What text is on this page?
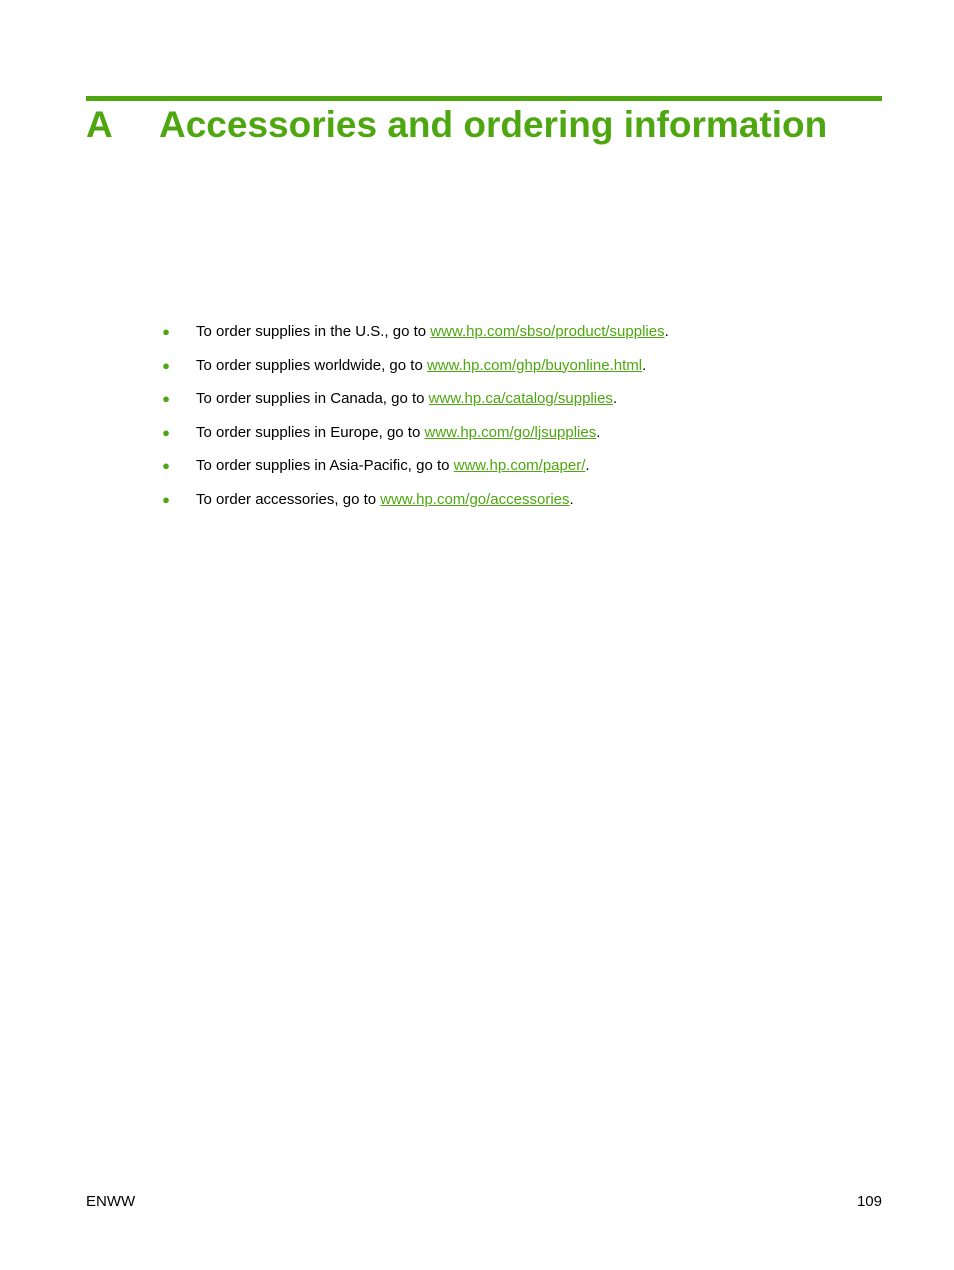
A	Accessories and ordering information
● To order supplies in the U.S., go to www.hp.com/sbso/product/supplies.
● To order supplies worldwide, go to www.hp.com/ghp/buyonline.html.
● To order supplies in Canada, go to www.hp.ca/catalog/supplies.
● To order supplies in Europe, go to www.hp.com/go/ljsupplies.
● To order supplies in Asia-Pacific, go to www.hp.com/paper/.
● To order accessories, go to www.hp.com/go/accessories.
ENWW	109
